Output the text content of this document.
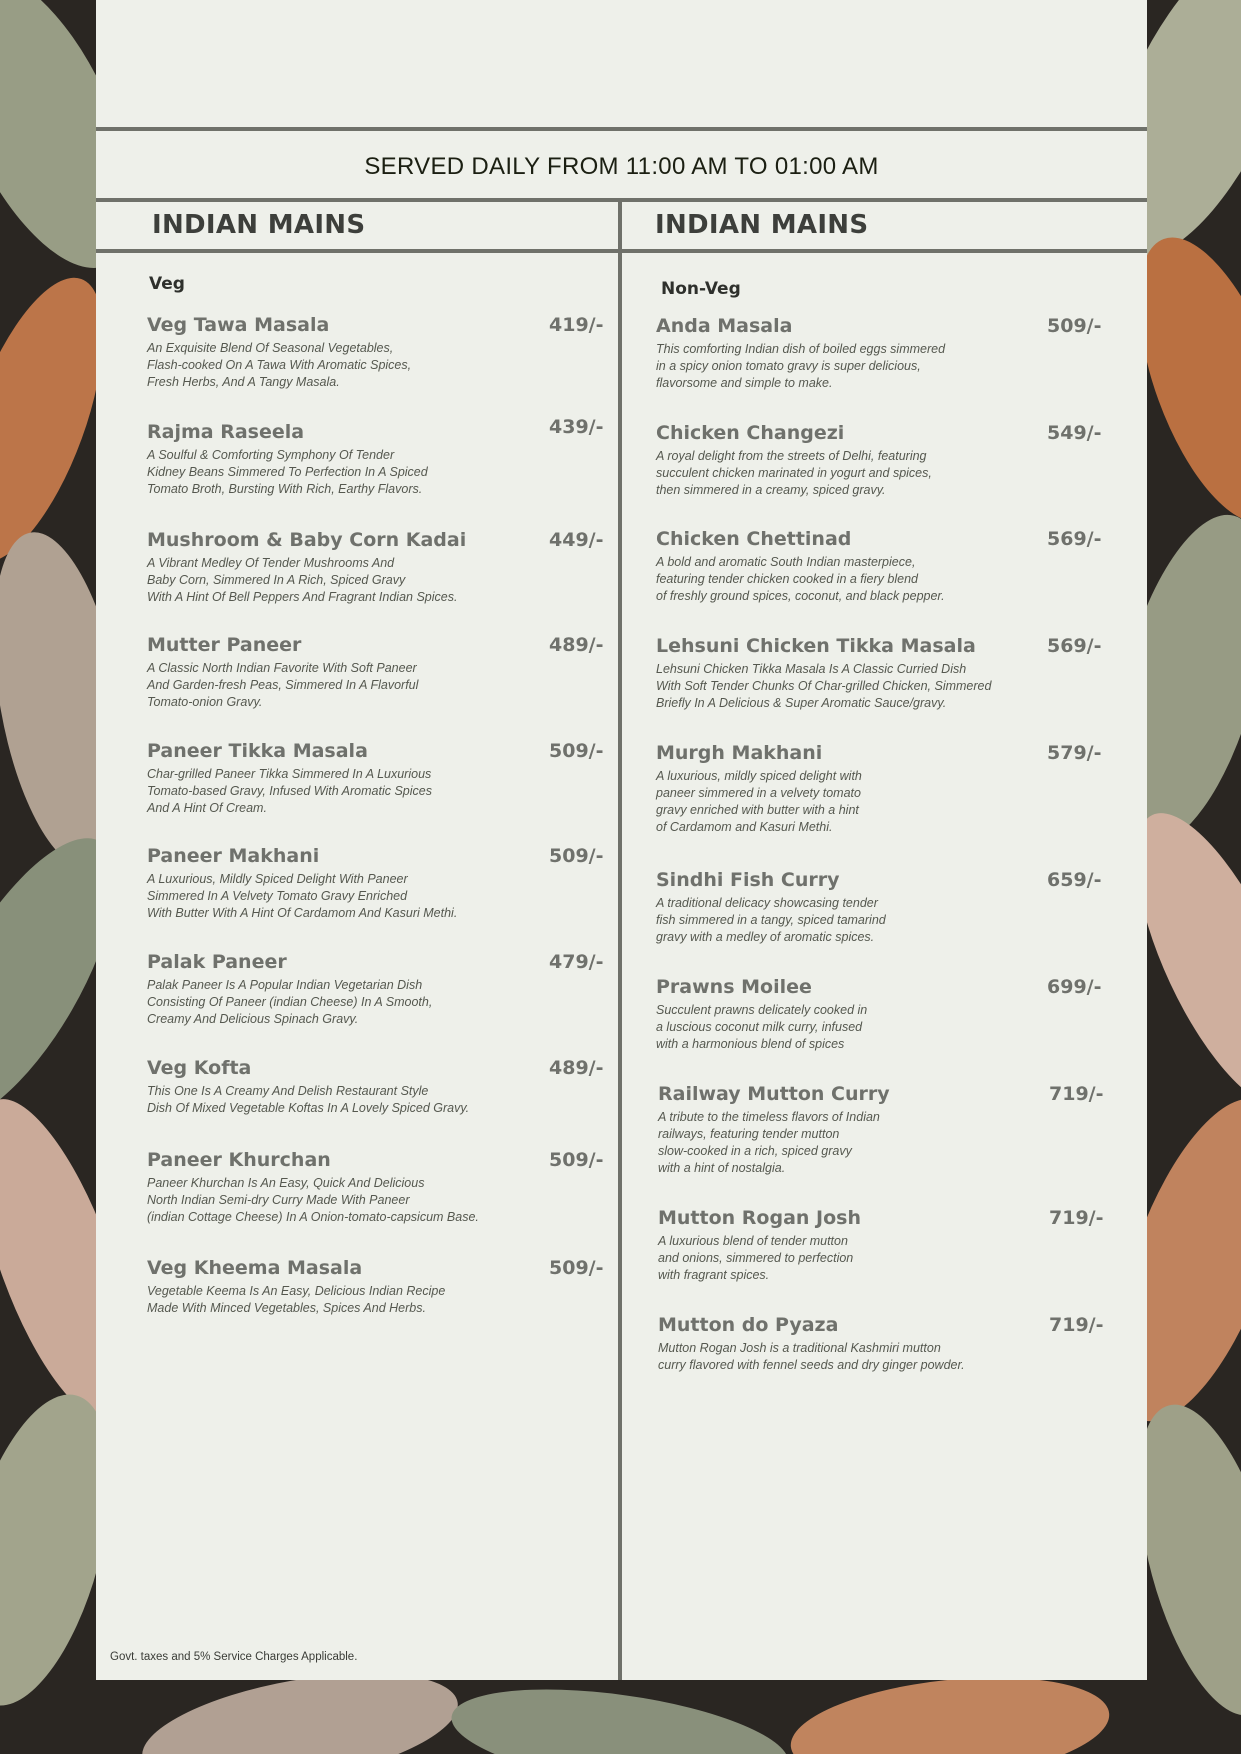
SERVED DAILY FROM 11:00 AM TO 01:00 AM
INDIAN MAINS	INDIAN MAINS
Veg	Non-Veg
Veg Tawa Masala	419/-
An Exquisite Blend Of Seasonal Vegetables,
Flash-cooked On A Tawa With Aromatic Spices,
Fresh Herbs, And A Tangy Masala.
Rajma Raseela	439/-
A Soulful & Comforting Symphony Of Tender
Kidney Beans Simmered To Perfection In A Spiced
Tomato Broth, Bursting With Rich, Earthy Flavors.
Mushroom & Baby Corn Kadai	449/-
A Vibrant Medley Of Tender Mushrooms And
Baby Corn, Simmered In A Rich, Spiced Gravy
With A Hint Of Bell Peppers And Fragrant Indian Spices.
Mutter Paneer	489/-
A Classic North Indian Favorite With Soft Paneer
And Garden-fresh Peas, Simmered In A Flavorful
Tomato-onion Gravy.
Paneer Tikka Masala	509/-
Char-grilled Paneer Tikka Simmered In A Luxurious
Tomato-based Gravy, Infused With Aromatic Spices
And A Hint Of Cream.
Paneer Makhani	509/-
A Luxurious, Mildly Spiced Delight With Paneer
Simmered In A Velvety Tomato Gravy Enriched
With Butter With A Hint Of Cardamom And Kasuri Methi.
Palak Paneer	479/-
Palak Paneer Is A Popular Indian Vegetarian Dish
Consisting Of Paneer (indian Cheese) In A Smooth,
Creamy And Delicious Spinach Gravy.
Veg Kofta	489/-
This One Is A Creamy And Delish Restaurant Style
Dish Of Mixed Vegetable Koftas In A Lovely Spiced Gravy.
Paneer Khurchan	509/-
Paneer Khurchan Is An Easy, Quick And Delicious
North Indian Semi-dry Curry Made With Paneer
(indian Cottage Cheese) In A Onion-tomato-capsicum Base.
Veg Kheema Masala	509/-
Vegetable Keema Is An Easy, Delicious Indian Recipe
Made With Minced Vegetables, Spices And Herbs.
Anda Masala	509/-
This comforting Indian dish of boiled eggs simmered
in a spicy onion tomato gravy is super delicious,
flavorsome and simple to make.
Chicken Changezi	549/-
A royal delight from the streets of Delhi, featuring
succulent chicken marinated in yogurt and spices,
then simmered in a creamy, spiced gravy.
Chicken Chettinad	569/-
A bold and aromatic South Indian masterpiece,
featuring tender chicken cooked in a fiery blend
of freshly ground spices, coconut, and black pepper.
Lehsuni Chicken Tikka Masala	569/-
Lehsuni Chicken Tikka Masala Is A Classic Curried Dish
With Soft Tender Chunks Of Char-grilled Chicken, Simmered
Briefly In A Delicious & Super Aromatic Sauce/gravy.
Murgh Makhani	579/-
A luxurious, mildly spiced delight with
paneer simmered in a velvety tomato
gravy enriched with butter with a hint
of Cardamom and Kasuri Methi.
Sindhi Fish Curry	659/-
A traditional delicacy showcasing tender
fish simmered in a tangy, spiced tamarind
gravy with a medley of aromatic spices.
Prawns Moilee	699/-
Succulent prawns delicately cooked in
a luscious coconut milk curry, infused
with a harmonious blend of spices
Railway Mutton Curry	719/-
A tribute to the timeless flavors of Indian
railways, featuring tender mutton
slow-cooked in a rich, spiced gravy
with a hint of nostalgia.
Mutton Rogan Josh	719/-
A luxurious blend of tender mutton
and onions, simmered to perfection
with fragrant spices.
Mutton do Pyaza	719/-
Mutton Rogan Josh is a traditional Kashmiri mutton
curry flavored with fennel seeds and dry ginger powder.
Govt. taxes and 5% Service Charges Applicable.
